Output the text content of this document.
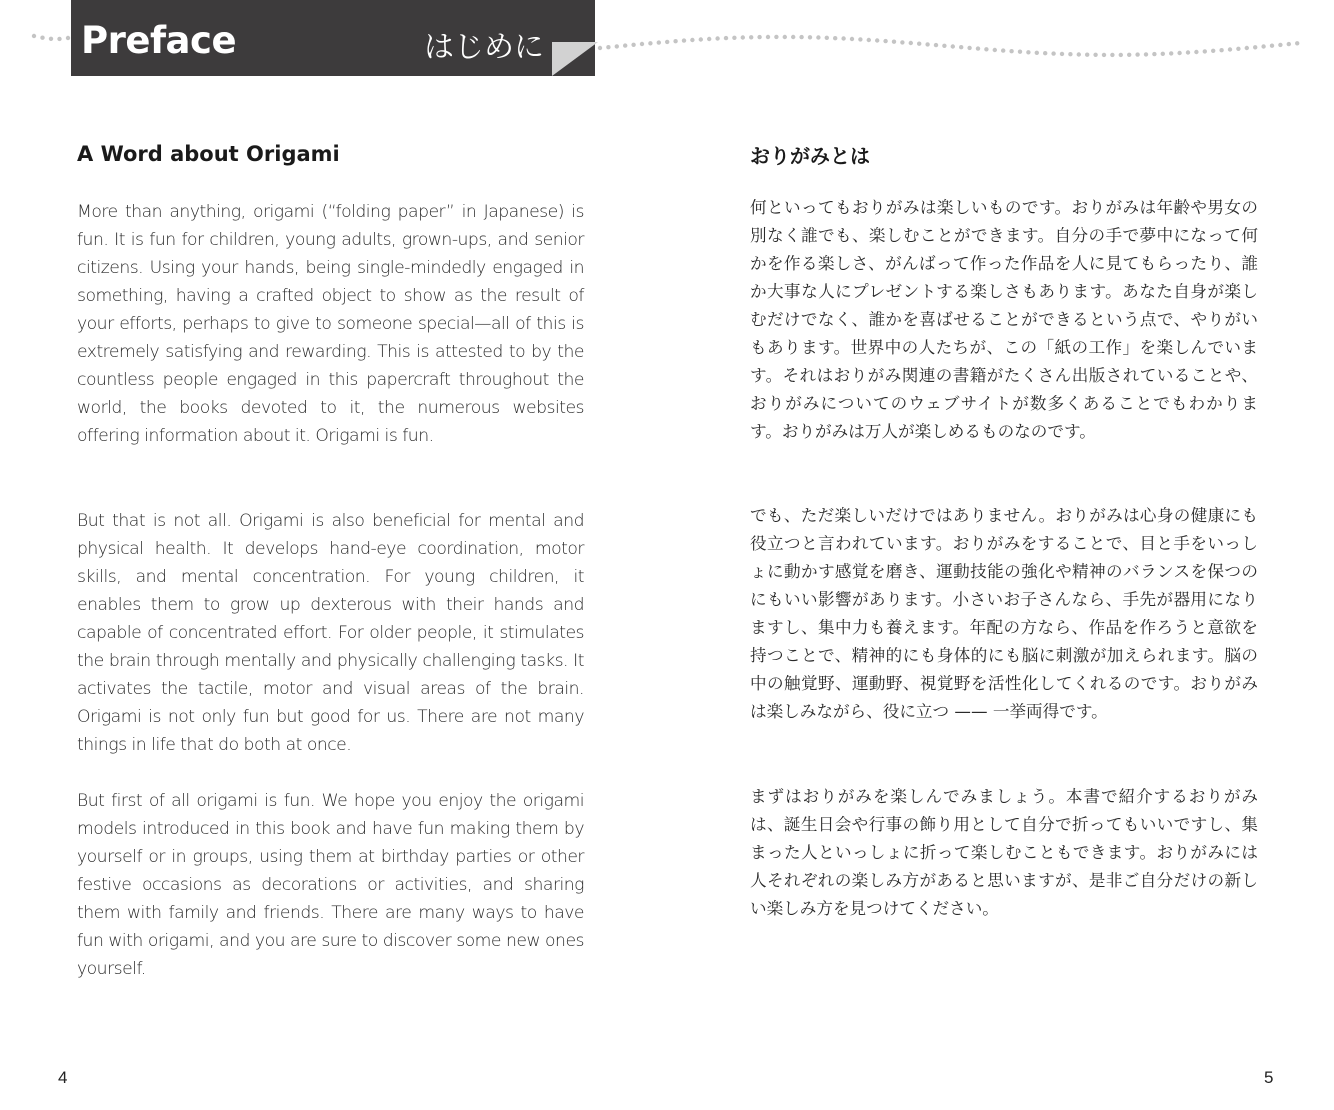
Preface	はじめに
A Word about Origami

More than anything, origami (“folding paper” in Japanese) is fun. It is fun for children, young adults, grown-ups, and senior citizens. Using your hands, being single-mindedly engaged in something, having a crafted object to show as the result of your efforts, perhaps to give to someone special—all of this is extremely satisfying and rewarding. This is attested to by the countless people engaged in this papercraft throughout the world, the books devoted to it, the numerous websites offering information about it. Origami is fun.

But that is not all. Origami is also beneficial for mental and physical health. It develops hand-eye coordination, motor skills, and mental concentration. For young children, it enables them to grow up dexterous with their hands and capable of concentrated effort. For older people, it stimulates the brain through mentally and physically challenging tasks. It activates the tactile, motor and visual areas of the brain. Origami is not only fun but good for us. There are not many things in life that do both at once.

But first of all origami is fun. We hope you enjoy the origami models introduced in this book and have fun making them by yourself or in groups, using them at birthday parties or other festive occasions as decorations or activities, and sharing them with family and friends. There are many ways to have fun with origami, and you are sure to discover some new ones yourself.

おりがみとは

何といってもおりがみは楽しいものです。おりがみは年齢や男女の別なく誰でも、楽しむことができます。自分の手で夢中になって何かを作る楽しさ、がんばって作った作品を人に見てもらったり、誰か大事な人にプレゼントする楽しさもあります。あなた自身が楽しむだけでなく、誰かを喜ばせることができるという点で、やりがいもあります。世界中の人たちが、この「紙の工作」を楽しんでいます。それはおりがみ関連の書籍がたくさん出版されていることや、おりがみについてのウェブサイトが数多くあることでもわかります。おりがみは万人が楽しめるものなのです。

でも、ただ楽しいだけではありません。おりがみは心身の健康にも役立つと言われています。おりがみをすることで、目と手をいっしょに動かす感覚を磨き、運動技能の強化や精神のバランスを保つのにもいい影響があります。小さいお子さんなら、手先が器用になりますし、集中力も養えます。年配の方なら、作品を作ろうと意欲を持つことで、精神的にも身体的にも脳に刺激が加えられます。脳の中の触覚野、運動野、視覚野を活性化してくれるのです。おりがみは楽しみながら、役に立つ —— 一挙両得です。

まずはおりがみを楽しんでみましょう。本書で紹介するおりがみは、誕生日会や行事の飾り用として自分で折ってもいいですし、集まった人といっしょに折って楽しむこともできます。おりがみには人それぞれの楽しみ方があると思いますが、是非ご自分だけの新しい楽しみ方を見つけてください。

4	5
